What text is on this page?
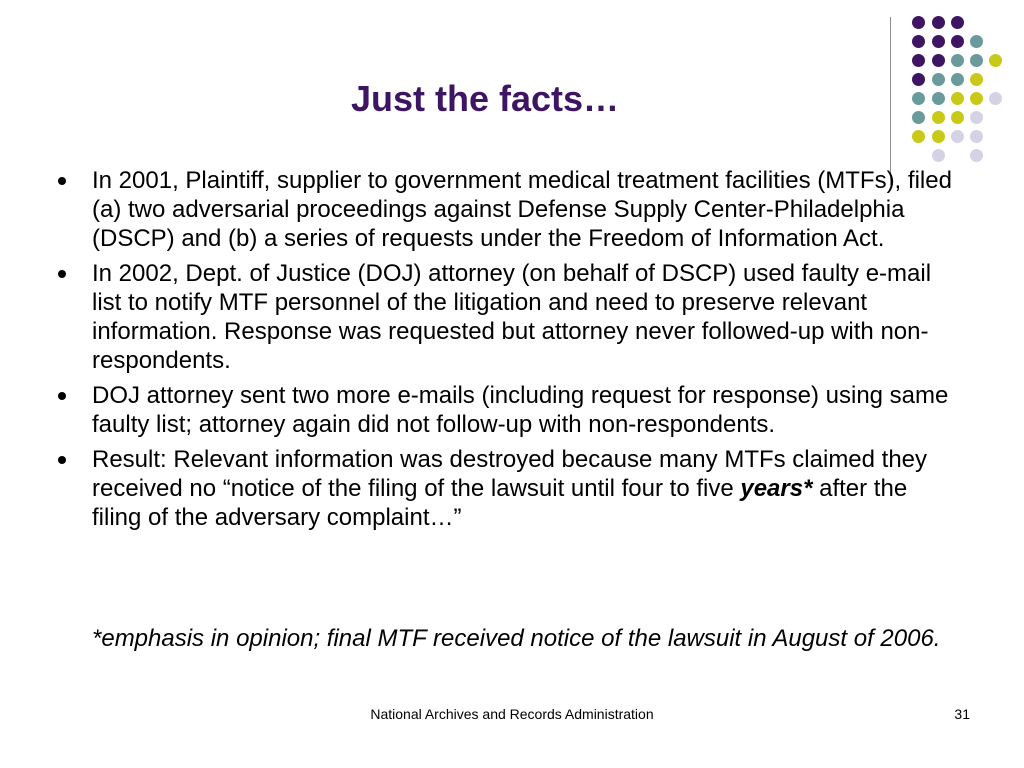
Just the facts…
In 2001, Plaintiff, supplier to government medical treatment facilities (MTFs), filed (a) two adversarial proceedings against Defense Supply Center-Philadelphia (DSCP) and (b) a series of requests under the Freedom of Information Act.
In 2002, Dept. of Justice (DOJ) attorney (on behalf of DSCP) used faulty e-mail list to notify MTF personnel of the litigation and need to preserve relevant information. Response was requested but attorney never followed-up with non-respondents.
DOJ attorney sent two more e-mails (including request for response) using same faulty list; attorney again did not follow-up with non-respondents.
Result: Relevant information was destroyed because many MTFs claimed they received no “notice of the filing of the lawsuit until four to five years* after the filing of the adversary complaint…”

*emphasis in opinion; final MTF received notice of the lawsuit in August of 2006.

National Archives and Records Administration	31
